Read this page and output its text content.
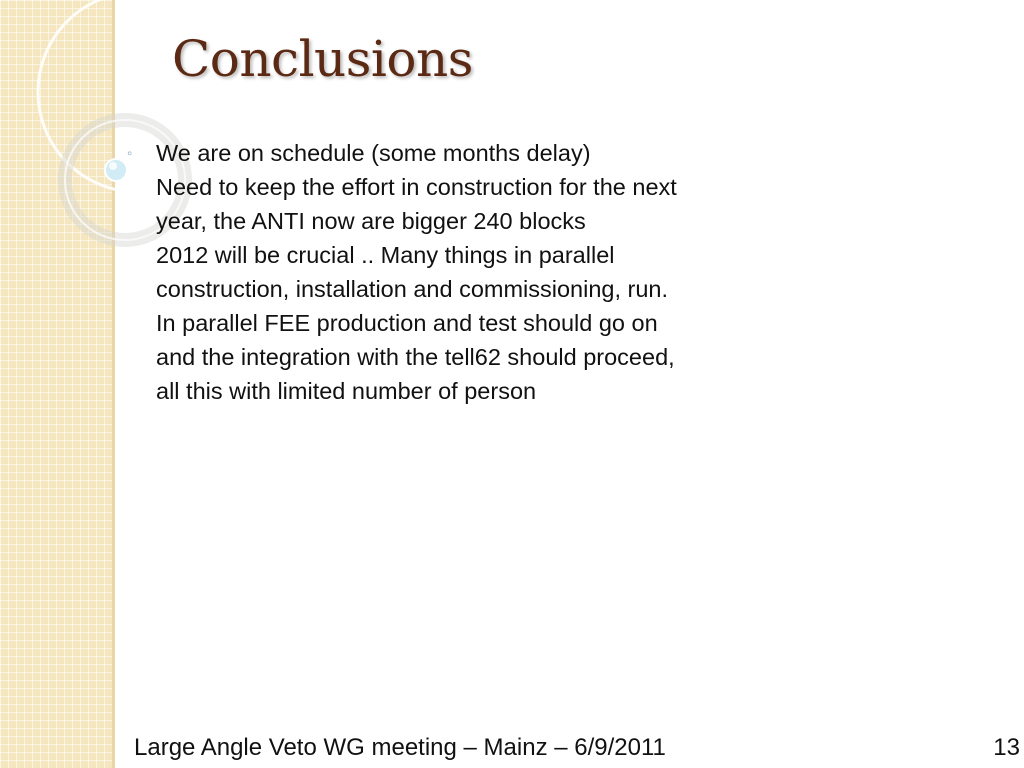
Conclusions
◦ We are on schedule (some months delay)
Need to keep the effort in construction for the next
year, the ANTI now are bigger 240 blocks
2012 will be crucial .. Many things in parallel
construction, installation and commissioning, run.
In parallel FEE production and test should go on
and the integration with the tell62 should proceed,
all this with limited number of person
Large Angle Veto WG meeting – Mainz – 6/9/2011	13
